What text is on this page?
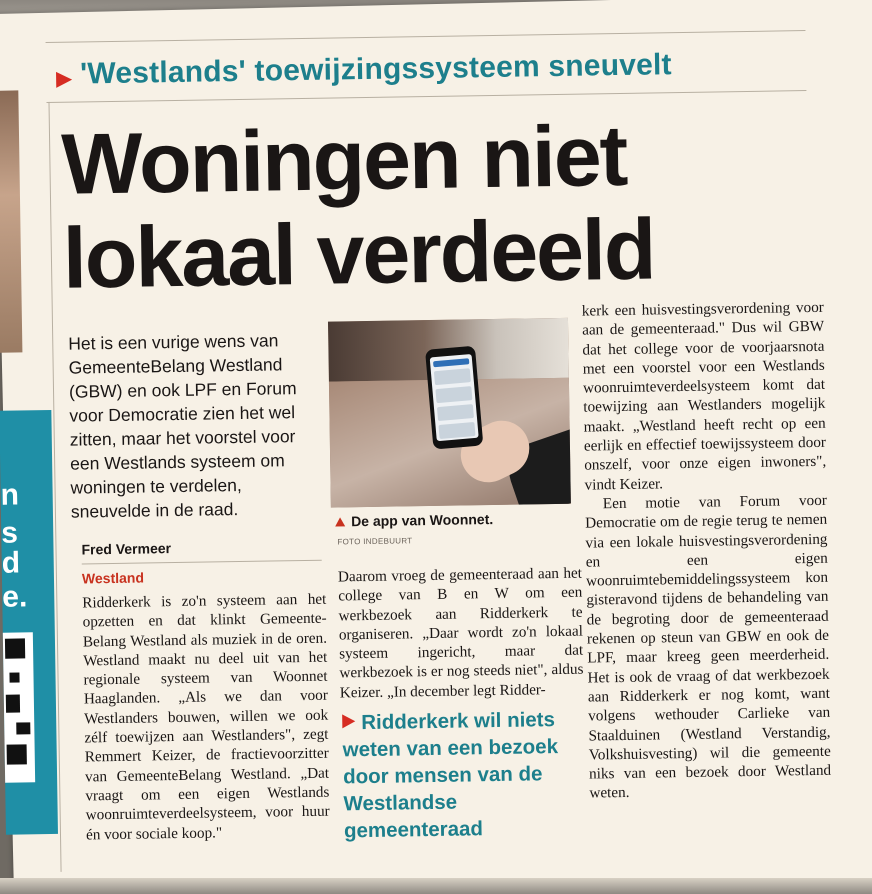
n
s
d
e.
'Westlands' toewijzingssysteem sneuvelt
Woningen niet lokaal verdeeld

Het is een vurige wens van GemeenteBelang Westland (GBW) en ook LPF en Forum voor Democratie zien het wel zitten, maar het voorstel voor een Westlands systeem om woningen te verdelen, sneuvelde in de raad.

Fred Vermeer
Westland

Ridderkerk is zo'n systeem aan het opzetten en dat klinkt Gemeente-Belang Westland als muziek in de oren. Westland maakt nu deel uit van het regionale systeem van Woonnet Haaglanden. „Als we dan voor Westlanders bouwen, willen we ook zélf toewijzen aan Westlanders", zegt Remmert Keizer, de fractievoorzitter van GemeenteBelang Westland. „Dat vraagt om een eigen Westlands woonruimteverdeelsysteem, voor huur én voor sociale koop."

De app van Woonnet.
FOTO INDEBUURT

Daarom vroeg de gemeenteraad aan het college van B en W om een werkbezoek aan Ridderkerk te organiseren. „Daar wordt zo'n lokaal systeem ingericht, maar dat werkbezoek is er nog steeds niet", aldus Keizer. „In december legt Ridder-

Ridderkerk wil niets weten van een bezoek door mensen van de Westlandse gemeenteraad

kerk een huisvestingsverordening voor aan de gemeenteraad." Dus wil GBW dat het college voor de voorjaarsnota met een voorstel voor een Westlands woonruimteverdeelsysteem komt dat toewijzing aan Westlanders mogelijk maakt. „Westland heeft recht op een eerlijk en effectief toewijssysteem door onszelf, voor onze eigen inwoners", vindt Keizer.

Een motie van Forum voor Democratie om de regie terug te nemen via een lokale huisvestingsverordening en een eigen woonruimtebemiddelingssysteem kon gisteravond tijdens de behandeling van de begroting door de gemeenteraad rekenen op steun van GBW en ook de LPF, maar kreeg geen meerderheid. Het is ook de vraag of dat werkbezoek aan Ridderkerk er nog komt, want volgens wethouder Carlieke van Staalduinen (Westland Verstandig, Volkshuisvesting) wil die gemeente niks van een bezoek door Westland weten.
